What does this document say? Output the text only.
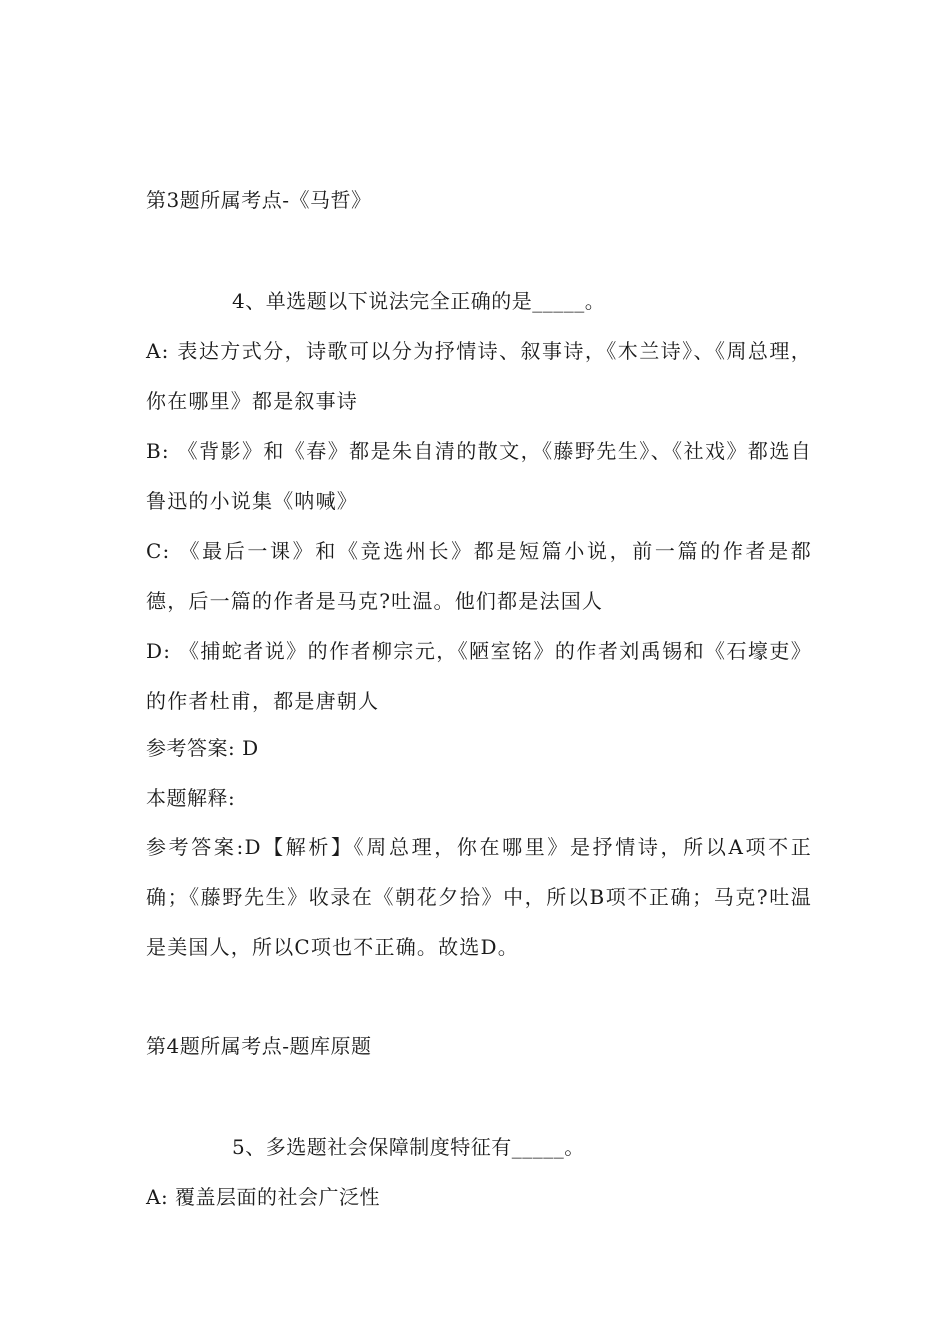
第3题所属考点-《马哲》
4、单选题以下说法完全正确的是_____。
A: 表达方式分，诗歌可以分为抒情诗、叙事诗，《木兰诗》、《周总理，你在哪里》都是叙事诗
B: 《背影》和《春》都是朱自清的散文，《藤野先生》、《社戏》都选自鲁迅的小说集《呐喊》
C: 《最后一课》和《竞选州长》都是短篇小说，前一篇的作者是都德，后一篇的作者是马克?吐温。他们都是法国人
D: 《捕蛇者说》的作者柳宗元，《陋室铭》的作者刘禹锡和《石壕吏》的作者杜甫，都是唐朝人
参考答案: D
本题解释:
参考答案:D【解析】《周总理，你在哪里》是抒情诗，所以A项不正确；《藤野先生》收录在《朝花夕拾》中，所以B项不正确；马克?吐温是美国人，所以C项也不正确。故选D。
第4题所属考点-题库原题
5、多选题社会保障制度特征有_____。
A: 覆盖层面的社会广泛性
